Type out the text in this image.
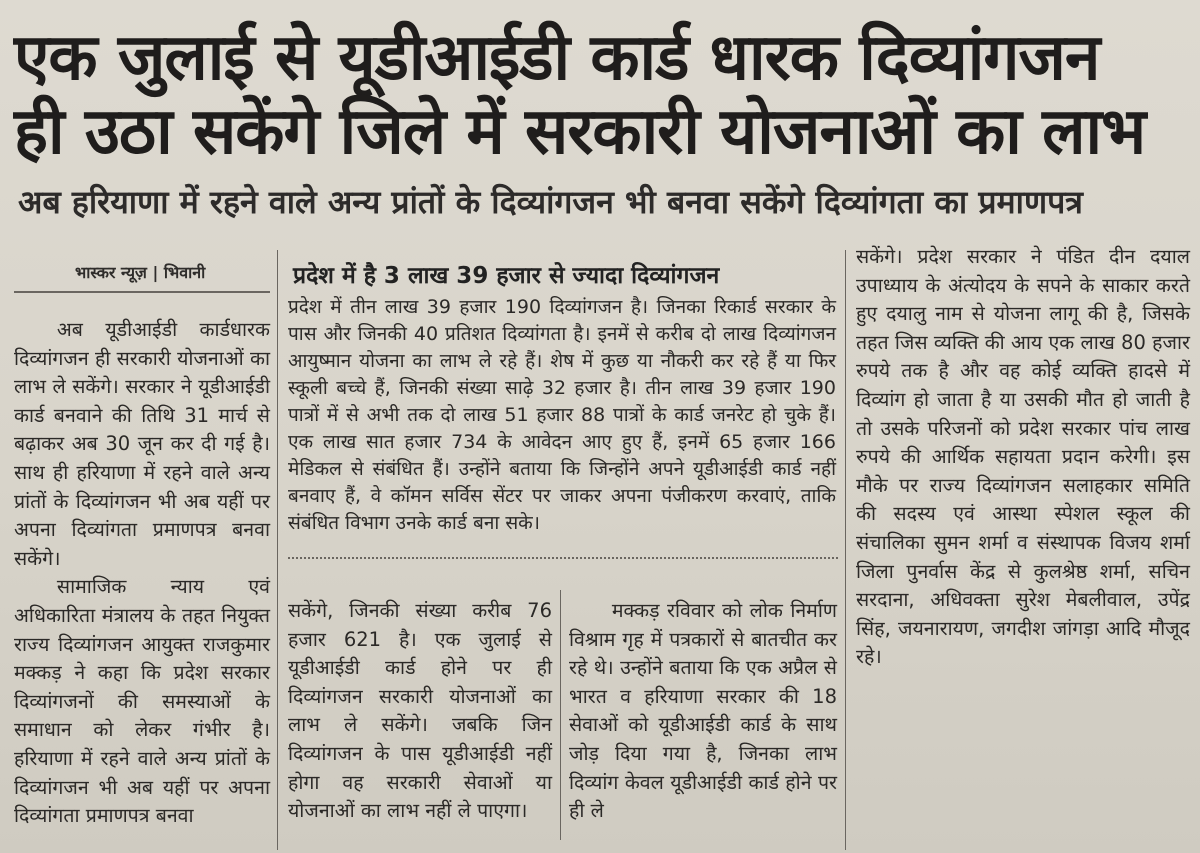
एक जुलाई से यूडीआईडी कार्ड धारक दिव्यांगजन
ही उठा सकेंगे जिले में सरकारी योजनाओं का लाभ
अब हरियाणा में रहने वाले अन्य प्रांतों के दिव्यांगजन भी बनवा सकेंगे दिव्यांगता का प्रमाणपत्र
भास्कर न्यूज़ | भिवानी

अब यूडीआईडी कार्डधारक दिव्यांगजन ही सरकारी योजनाओं का लाभ ले सकेंगे। सरकार ने यूडीआईडी कार्ड बनवाने की तिथि 31 मार्च से बढ़ाकर अब 30 जून कर दी गई है। साथ ही हरियाणा में रहने वाले अन्य प्रांतों के दिव्यांगजन भी अब यहीं पर अपना दिव्यांगता प्रमाणपत्र बनवा सकेंगे।

सामाजिक न्याय एवं अधिकारिता मंत्रालय के तहत नियुक्त राज्य दिव्यांगजन आयुक्त राजकुमार मक्कड़ ने कहा कि प्रदेश सरकार दिव्यांगजनों की समस्याओं के समाधान को लेकर गंभीर है। हरियाणा में रहने वाले अन्य प्रांतों के दिव्यांगजन भी अब यहीं पर अपना दिव्यांगता प्रमाणपत्र बनवा

प्रदेश में है 3 लाख 39 हजार से ज्यादा दिव्यांगजन
प्रदेश में तीन लाख 39 हजार 190 दिव्यांगजन है। जिनका रिकार्ड सरकार के पास और जिनकी 40 प्रतिशत दिव्यांगता है। इनमें से करीब दो लाख दिव्यांगजन आयुष्मान योजना का लाभ ले रहे हैं। शेष में कुछ या नौकरी कर रहे हैं या फिर स्कूली बच्चे हैं, जिनकी संख्या साढ़े 32 हजार है। तीन लाख 39 हजार 190 पात्रों में से अभी तक दो लाख 51 हजार 88 पात्रों के कार्ड जनरेट हो चुके हैं। एक लाख सात हजार 734 के आवेदन आए हुए हैं, इनमें 65 हजार 166 मेडिकल से संबंधित हैं। उन्होंने बताया कि जिन्होंने अपने यूडीआईडी कार्ड नहीं बनवाए हैं, वे कॉमन सर्विस सेंटर पर जाकर अपना पंजीकरण करवाएं, ताकि संबंधित विभाग उनके कार्ड बना सके।
सकेंगे, जिनकी संख्या करीब 76 हजार 621 है। एक जुलाई से यूडीआईडी कार्ड होने पर ही दिव्यांगजन सरकारी योजनाओं का लाभ ले सकेंगे। जबकि जिन दिव्यांगजन के पास यूडीआईडी नहीं होगा वह सरकारी सेवाओं या योजनाओं का लाभ नहीं ले पाएगा।
मक्कड़ रविवार को लोक निर्माण विश्राम गृह में पत्रकारों से बातचीत कर रहे थे। उन्होंने बताया कि एक अप्रैल से भारत व हरियाणा सरकार की 18 सेवाओं को यूडीआईडी कार्ड के साथ जोड़ दिया गया है, जिनका लाभ दिव्यांग केवल यूडीआईडी कार्ड होने पर ही ले

सकेंगे। प्रदेश सरकार ने पंडित दीन दयाल उपाध्याय के अंत्योदय के सपने के साकार करते हुए दयालु नाम से योजना लागू की है, जिसके तहत जिस व्यक्ति की आय एक लाख 80 हजार रुपये तक है और वह कोई व्यक्ति हादसे में दिव्यांग हो जाता है या उसकी मौत हो जाती है तो उसके परिजनों को प्रदेश सरकार पांच लाख रुपये की आर्थिक सहायता प्रदान करेगी। इस मौके पर राज्य दिव्यांगजन सलाहकार समिति की सदस्य एवं आस्था स्पेशल स्कूल की संचालिका सुमन शर्मा व संस्थापक विजय शर्मा जिला पुनर्वास केंद्र से कुलश्रेष्ठ शर्मा, सचिन सरदाना, अधिवक्ता सुरेश मेबलीवाल, उपेंद्र सिंह, जयनारायण, जगदीश जांगड़ा आदि मौजूद रहे।
